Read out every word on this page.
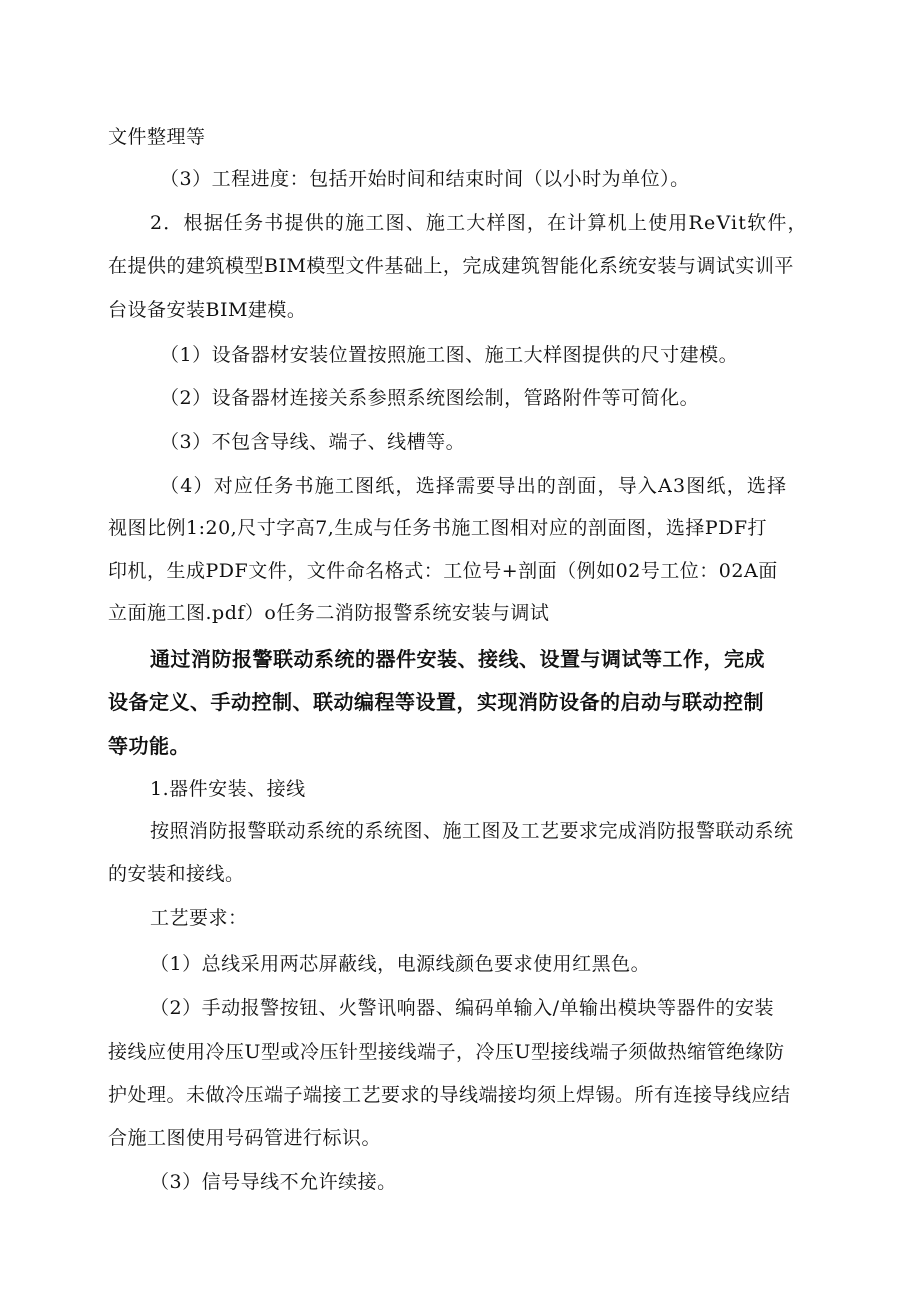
文件整理等
（3）工程进度：包括开始时间和结束时间（以小时为单位）。
2．根据任务书提供的施工图、施工大样图，在计算机上使用ReVit软件，
在提供的建筑模型BIM模型文件基础上，完成建筑智能化系统安装与调试实训平
台设备安装BIM建模。
（1）设备器材安装位置按照施工图、施工大样图提供的尺寸建模。
（2）设备器材连接关系参照系统图绘制，管路附件等可简化。
（3）不包含导线、端子、线槽等。
（4）对应任务书施工图纸，选择需要导出的剖面，导入A3图纸，选择
视图比例1:20,尺寸字高7,生成与任务书施工图相对应的剖面图，选择PDF打
印机，生成PDF文件，文件命名格式：工位号+剖面（例如02号工位：02A面
立面施工图.pdf）o任务二消防报警系统安装与调试
通过消防报警联动系统的器件安装、接线、设置与调试等工作，完成
设备定义、手动控制、联动编程等设置，实现消防设备的启动与联动控制
等功能。
1.器件安装、接线
按照消防报警联动系统的系统图、施工图及工艺要求完成消防报警联动系统
的安装和接线。
工艺要求：
（1）总线采用两芯屏蔽线，电源线颜色要求使用红黑色。
（2）手动报警按钮、火警讯响器、编码单输入/单输出模块等器件的安装
接线应使用冷压U型或冷压针型接线端子，冷压U型接线端子须做热缩管绝缘防
护处理。未做冷压端子端接工艺要求的导线端接均须上焊锡。所有连接导线应结
合施工图使用号码管进行标识。
（3）信号导线不允许续接。
